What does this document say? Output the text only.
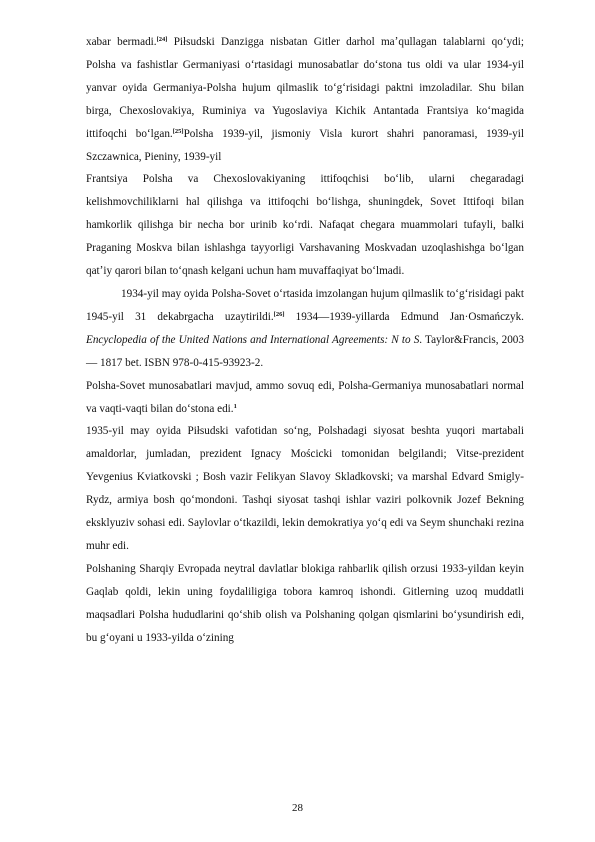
xabar bermadi.[24] Piłsudski Danzigga nisbatan Gitler darhol maʼqullagan talablarni qoʻydi; Polsha va fashistlar Germaniyasi oʻrtasidagi munosabatlar doʻstona tus oldi va ular 1934-yil yanvar oyida Germaniya-Polsha hujum qilmaslik toʻgʻrisidagi paktni imzoladilar. Shu bilan birga, Chexoslovakiya, Ruminiya va Yugoslaviya Kichik Antantada Frantsiya koʻmagida ittifoqchi boʻlgan.[25]Polsha 1939-yil, jismoniy Visla kurort shahri panoramasi, 1939-yil Szczawnica, Pieniny, 1939-yil

Frantsiya Polsha va Chexoslovakiyaning ittifoqchisi boʻlib, ularni chegaradagi kelishmovchiliklarni hal qilishga va ittifoqchi boʻlishga, shuningdek, Sovet Ittifoqi bilan hamkorlik qilishga bir necha bor urinib koʻrdi. Nafaqat chegara muammolari tufayli, balki Praganing Moskva bilan ishlashga tayyorligi Varshavaning Moskvadan uzoqlashishga boʻlgan qatʼiy qarori bilan toʻqnash kelgani uchun ham muvaffaqiyat boʻlmadi.

1934-yil may oyida Polsha-Sovet oʻrtasida imzolangan hujum qilmaslik toʻgʻrisidagi pakt 1945-yil 31 dekabrgacha uzaytirildi.[26] 1934—1939-yillarda Edmund Jan·Osmańczyk. Encyclopedia of the United Nations and International Agreements: N to S. Taylor&Francis, 2003 — 1817 bet. ISBN 978-0-415-93923-2.

Polsha-Sovet munosabatlari mavjud, ammo sovuq edi, Polsha-Germaniya munosabatlari normal va vaqti-vaqti bilan doʻstona edi.$^1$

1935-yil may oyida Piłsudski vafotidan soʻng, Polshadagi siyosat beshta yuqori martabali amaldorlar, jumladan, prezident Ignacy Mościcki tomonidan belgilandi; Vitse-prezident Yevgenius Kviatkovski ; Bosh vazir Felikyan Slavoy Skladkovski; va marshal Edvard Smigly-Rydz, armiya bosh qoʻmondoni. Tashqi siyosat tashqi ishlar vaziri polkovnik Jozef Bekning eksklyuziv sohasi edi. Saylovlar oʻtkazildi, lekin demokratiya yoʻq edi va Seym shunchaki rezina muhr edi.

Polshaning Sharqiy Evropada neytral davlatlar blokiga rahbarlik qilish orzusi 1933-yildan keyin Gaqlab qoldi, lekin uning foydaliligiga tobora kamroq ishondi. Gitlerning uzoq muddatli maqsadlari Polsha hududlarini qoʻshib olish va Polshaning qolgan qismlarini boʻysundirish edi, bu gʻoyani u 1933-yilda oʻzining

28
